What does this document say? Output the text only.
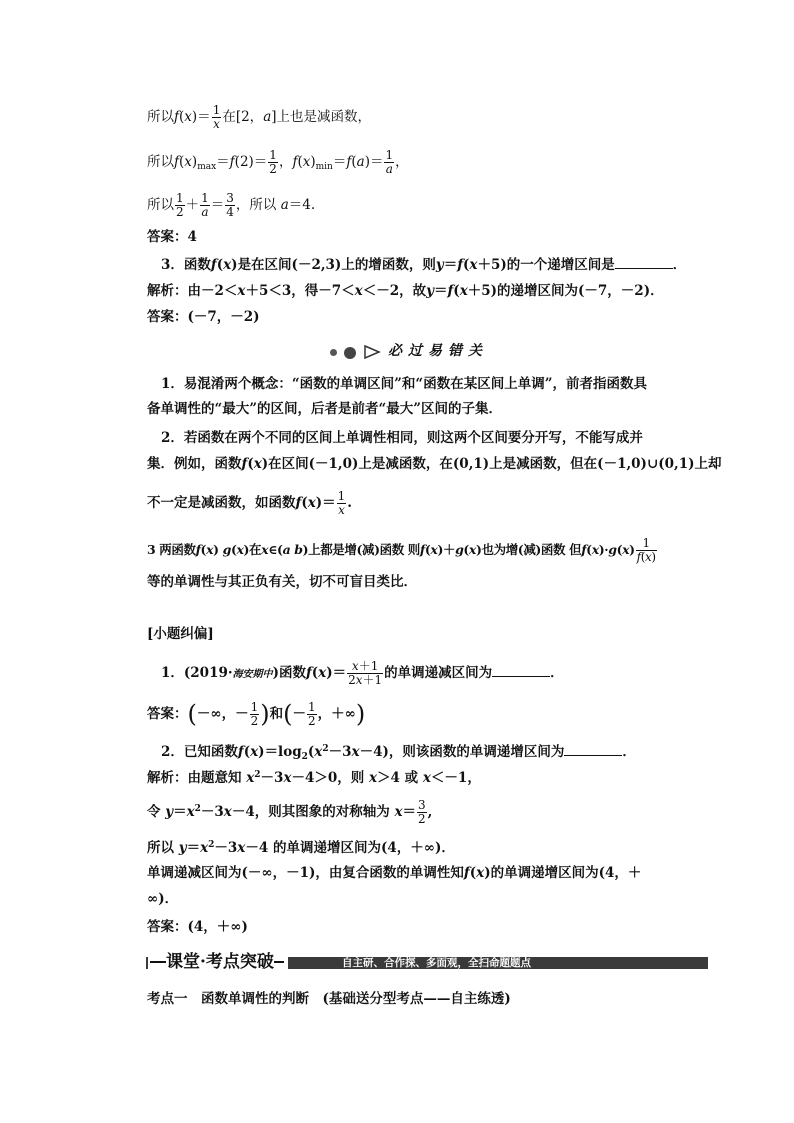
所以$f(x)= \frac{1}{x}$ 在[2，a]上也是减函数，
所以$f(x)_{max}=f(2)= \frac{1}{2}$ ，$f(x)_{min}=f(a)= \frac{1}{a}$ ，
所以 $\frac{1}{2} + \frac{1}{a} = \frac{3}{4}$ ，所以 a＝4.
答案：4
3．函数f(x)是在区间(－2,3)上的增函数，则y＝f(x＋5)的一个递增区间是	．
解析：由－2＜x＋5＜3，得－7＜x＜－2，故y＝f(x＋5)的递增区间为(－7，－2)．
答案：(－7，－2)

必过易错关
1．易混淆两个概念：“函数的单调区间”和“函数在某区间上单调”，前者指函数具
备单调性的“最大”的区间，后者是前者“最大”区间的子集．
2．若函数在两个不同的区间上单调性相同，则这两个区间要分开写，不能写成并
集．例如，函数f(x)在区间(－1,0)上是减函数，在(0,1)上是减函数，但在(－1,0)∪(0,1)上却
不一定是减函数，如函数$f(x)= \frac{1}{x}$ .
3 两函数f(x) g(x)在x∈(a b)上都是增(减)函数 则f(x)＋g(x)也为增(减)函数 但$f(x)\cdot g(x) \frac{1}{f(x)}$
等的单调性与其正负有关，切不可盲目类比．
[小题纠偏]
1．(2019·海安期中)函数$f(x)= \frac{x+1}{2x+1}$ 的单调递减区间为	．
答案：(－∞，－ $\frac{1}{2}$ )和(－ $\frac{1}{2}$ ，＋∞)
2．已知函数$f(x)=\log_2(x^2-3x-4)$，则该函数的单调递增区间为	．
解析：由题意知 $x^2-3x-4>0$，则 x＞4 或 x＜－1，
令 $y=x^2-3x-4$，则其图象的对称轴为 $x= \frac{3}{2}$ ,
所以 $y=x^2-3x-4$ 的单调递增区间为(4，＋∞)．
单调递减区间为(－∞，－1)，由复合函数的单调性知f(x)的单调递增区间为(4，＋
∞)．
答案：(4，＋∞)
课堂·考点突破	自主研、合作探、多面观，全扫命题题点
考点一　函数单调性的判断　(基础送分型考点——自主练透)
